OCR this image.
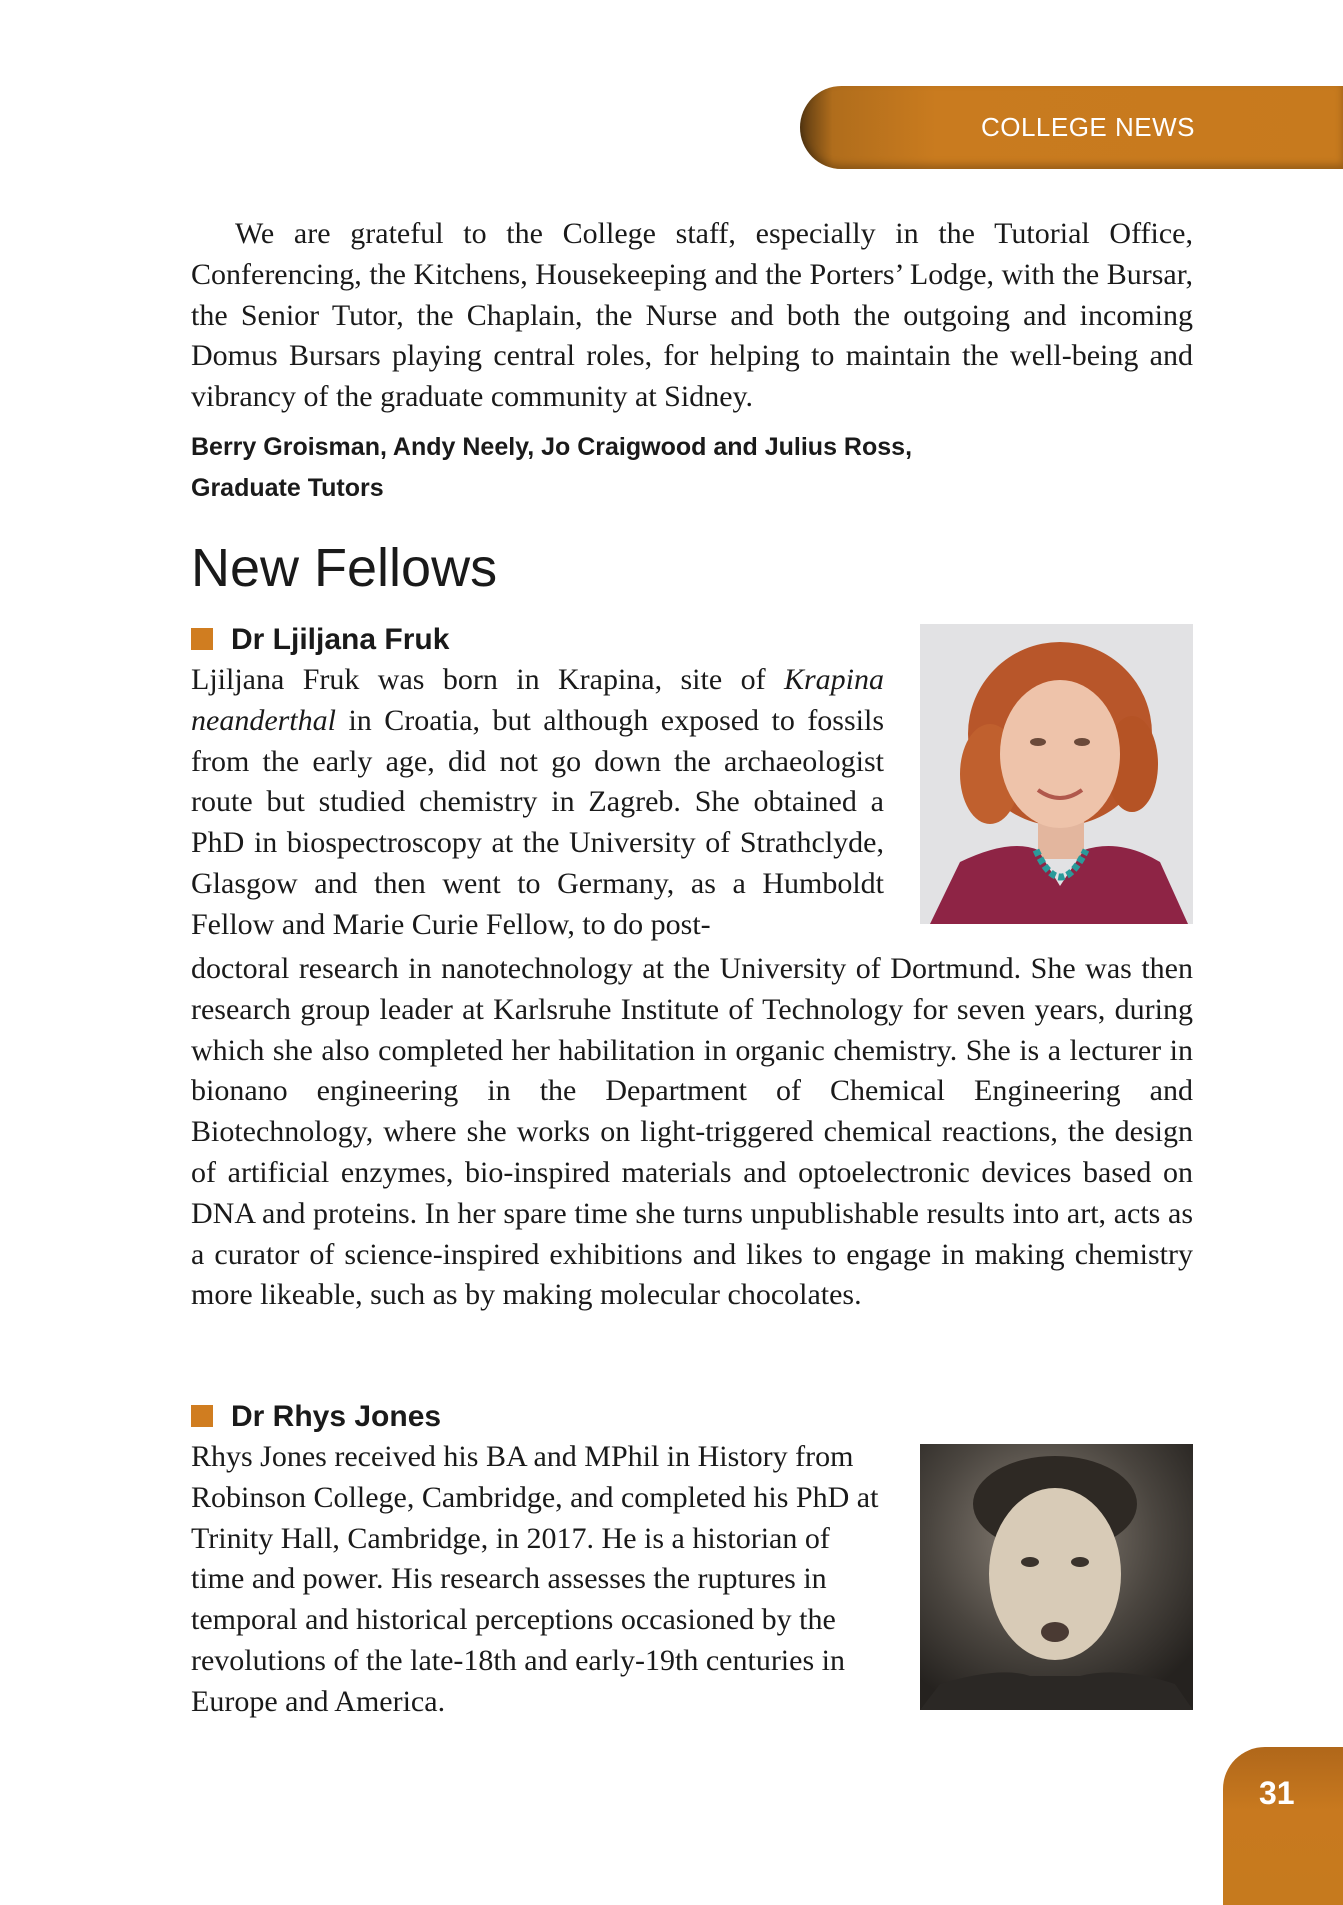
COLLEGE NEWS

We are grateful to the College staff, especially in the Tutorial Office, Conferencing, the Kitchens, Housekeeping and the Porters’ Lodge, with the Bursar, the Senior Tutor, the Chaplain, the Nurse and both the outgoing and incoming Domus Bursars playing central roles, for helping to maintain the well-being and vibrancy of the graduate community at Sidney.

Berry Groisman, Andy Neely, Jo Craigwood and Julius Ross,

Graduate Tutors

New Fellows
Dr Ljiljana Fruk

Ljiljana Fruk was born in Krapina, site of Krapina neanderthal in Croatia, but although exposed to fossils from the early age, did not go down the archaeologist route but studied chemistry in Zagreb. She obtained a PhD in biospectroscopy at the University of Strathclyde, Glasgow and then went to Germany, as a Humboldt Fellow and Marie Curie Fellow, to do post-

doctoral research in nanotechnology at the University of Dortmund. She was then research group leader at Karlsruhe Institute of Technology for seven years, during which she also completed her habilitation in organic chemistry. She is a lecturer in bionano engineering in the Department of Chemical Engineering and Biotechnology, where she works on light-triggered chemical reactions, the design of artificial enzymes, bio-inspired materials and optoelectronic devices based on DNA and proteins. In her spare time she turns unpublishable results into art, acts as a curator of science-inspired exhibitions and likes to engage in making chemistry more likeable, such as by making molecular chocolates.

Dr Rhys Jones

Rhys Jones received his BA and MPhil in History from Robinson College, Cambridge, and completed his PhD at Trinity Hall, Cambridge, in 2017. He is a historian of time and power. His research assesses the ruptures in temporal and historical perceptions occasioned by the revolutions of the late-18th and early-19th centuries in Europe and America.

31
